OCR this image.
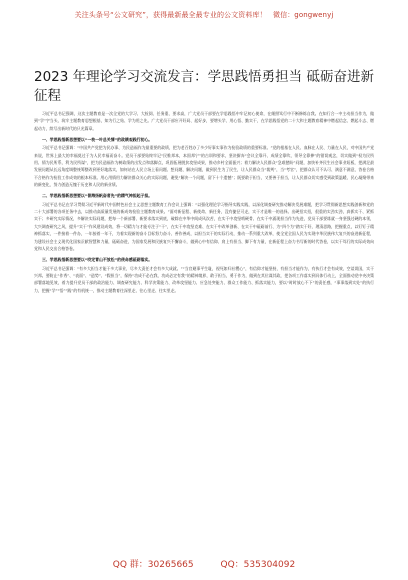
关注头条号“公文研究”，获得最新最全最专业的公文资料库！ 微信：gongwenyj
2023 年理论学习交流发言：学思践悟勇担当 砥砺奋进新征程

习近平总书记强调，这次主题教育是一次全党的大学习、大检阅、任务重、要求高，广大党员干部要在学思践悟中牢记初心使命，在细照笃行中不断修炼自我。在知行合一中主动担当作为，做到“学”字当头、筑牢主题教育思想根基，知为行之始、学为用之先。广大党员干部应开好局、起好步，要增头学、用心悟、勤实干，在学思践悟党的二十大和主题教育精神中燃起信念、燃起斗志、燃起动力，续写出新时代的只光篇章。

一、学思践悟新思想要以“一枝一叶总关情”的政绩观践行初心。

习近平总书记强调：“中国共产党把为民办事、为民造福作为最重要的政绩，把为老百姓办了多少好事实事作为检验政绩的重要标准。”党的根基在人民、血脉在人民、力量在人民，对中国共产党来说，世界上最大的幸福莫过于为人民幸福而奋斗。党员干部要始终牢记“民惟邦本，本固邦宁”的古训和要求，坚决摒弃“会议全靠开、成绩全靠吹、领导全靠捧”的错误观念，切实做到“权为民所用、情为民所系、利为民所谋”，把为民造福作为树政绩的出发点和落脚点，巩固拓展脱贫攻坚成果，推动乡村全面振兴；着力解决人民群众“急难愁盼”问题，加快补齐民生社会事业短板，把满足最发展问题从长远角度调整统筹整改到更好地落实，如何站在人民立场上看问题、想问题、解决问题，做到民生为了民生，让人民群众当“裁判”，当“考官”，把群众认可不认可、满意不满意，答卷合格不合格作为检验工作成效的根本标准。用心用情用力解决群众关心的实际问题，避免“解决一个问题，留下十个遗憾”；既要敢于担当，又要善于担当，让人民群众切实感受到政策温暖、民心凝聚带来的新变化，努力创造无愧于历史和人民的新业绩。

二、学思践悟新思想要以“普海扬帆奋者先”的精气神担起子担。

习近平总书记在学习贯彻习近平新时代中国特色社会主义思想主题教育工作会议上强调：“以强化理论学习指导实践实践，以深化调查研究推动解决发展难题，把学习贯彻新思想实践创新和党的二十大部署的各项任务中去，以推动高质量发展的新成效检验主题教育成果。”面对新征程、新使命、新任务，没有捷径可走，实干才是唯一的选择。出硬招实招，很重的实劲实劲，真抓实干、紧抓实干；多研究实际情况，多解决实际问题，把每一个新部署、新要求落实到底，破除在中华中间成风次苦，在实干中攻坚啃硬骨、在实干中涌现担当作为先进，党员干部要练就一身坚强过硬的本领，大兴调查研究之风，提升“实干”作风建设成效，将一切精力与才能专注于“干”，在实干中攻坚克难、在实干中改革创新、在实干中砥砺前行、为“四个为”踏实干好，理清思路，把握重点，以钉钉子精神抓落实，一件接着一件办，一年接着一年干，为着实现新的奋斗目标努力奋斗、善作善成，以担当实干的实际行动，推动一系列重大改革，使全党全国人民为实现中华民族伟大复兴的奋进新征程，为建设社会主义现代化国家贡献智慧和力量，砥砺奋进，为国家发展和民族复兴不懈奋斗，做到心中有信仰、肩上有担当、脚下有力量，在新征程上奋力书写新的时代答卷，以实干笃行的实际成效向党和人民交出合格答卷。

三、学思践悟新思想要以“咬定青山不放松”的使命感砥砺落实。

习近平总书记强调：“有多大担当才能干多大事业，尽多大责任才会有多大成就。”“当官避事平生耻，视死如归社稷心”，有信仰才能坚持，有担当才能作为，有执行才会有成效，空谈误国，实干兴邦。要防止“作秀”、“表面”、“造势”、“假担当”，保持“功成不必在我、功成必定有我”的精神境界，敢于担当，勇于作为，做到在其位谋其政，把各项工作落实到具体行动上，全面推动党中央决策部署落地见效，着力提升党员干部的政治能力、调查研究能力、科学决策能力、改革攻坚能力、应急处突能力、群众工作能力、抓落实能力，要以“时时放心不下”的责任感，“事事落到实处”的执行力，把握“学”“悟”“践”的有机统一，推动主题教育往深里走、往心里走、往实里走。

QQ 群：30265665	QQ：535304092
